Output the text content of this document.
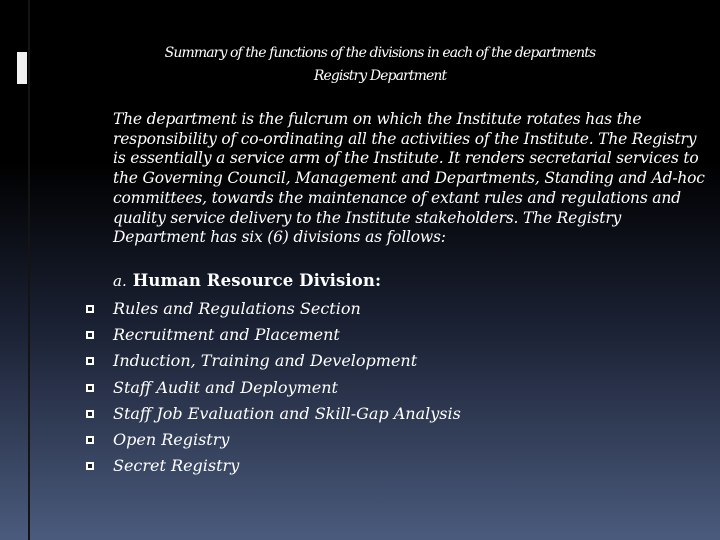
Summary of the functions of the divisions in each of the departments
Registry Department

The department is the fulcrum on which the Institute rotates has the responsibility of co-ordinating all the activities of the Institute. The Registry is essentially a service arm of the Institute. It renders secretarial services to the Governing Council, Management and Departments, Standing and Ad-hoc committees, towards the maintenance of extant rules and regulations and quality service delivery to the Institute stakeholders. The Registry Department has six (6) divisions as follows:

a. Human Resource Division:
Rules and Regulations Section
Recruitment and Placement
Induction, Training and Development
Staff Audit and Deployment
Staff Job Evaluation and Skill-Gap Analysis
Open Registry
Secret Registry
